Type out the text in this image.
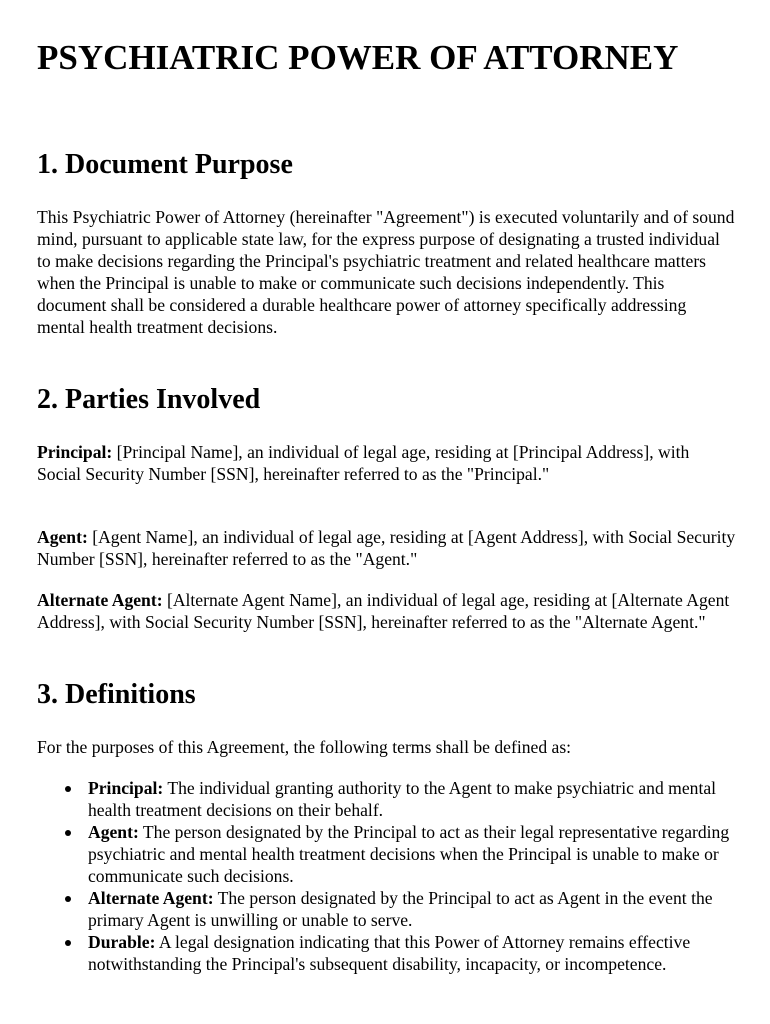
PSYCHIATRIC POWER OF ATTORNEY
1. Document Purpose

This Psychiatric Power of Attorney (hereinafter "Agreement") is executed voluntarily and of sound mind, pursuant to applicable state law, for the express purpose of designating a trusted individual to make decisions regarding the Principal's psychiatric treatment and related healthcare matters when the Principal is unable to make or communicate such decisions independently. This document shall be considered a durable healthcare power of attorney specifically addressing mental health treatment decisions.

2. Parties Involved

Principal: [Principal Name], an individual of legal age, residing at [Principal Address], with Social Security Number [SSN], hereinafter referred to as the "Principal."

Agent: [Agent Name], an individual of legal age, residing at [Agent Address], with Social Security Number [SSN], hereinafter referred to as the "Agent."

Alternate Agent: [Alternate Agent Name], an individual of legal age, residing at [Alternate Agent Address], with Social Security Number [SSN], hereinafter referred to as the "Alternate Agent."

3. Definitions

For the purposes of this Agreement, the following terms shall be defined as:

Principal: The individual granting authority to the Agent to make psychiatric and mental health treatment decisions on their behalf.
Agent: The person designated by the Principal to act as their legal representative regarding psychiatric and mental health treatment decisions when the Principal is unable to make or communicate such decisions.
Alternate Agent: The person designated by the Principal to act as Agent in the event the primary Agent is unwilling or unable to serve.
Durable: A legal designation indicating that this Power of Attorney remains effective notwithstanding the Principal's subsequent disability, incapacity, or incompetence.
